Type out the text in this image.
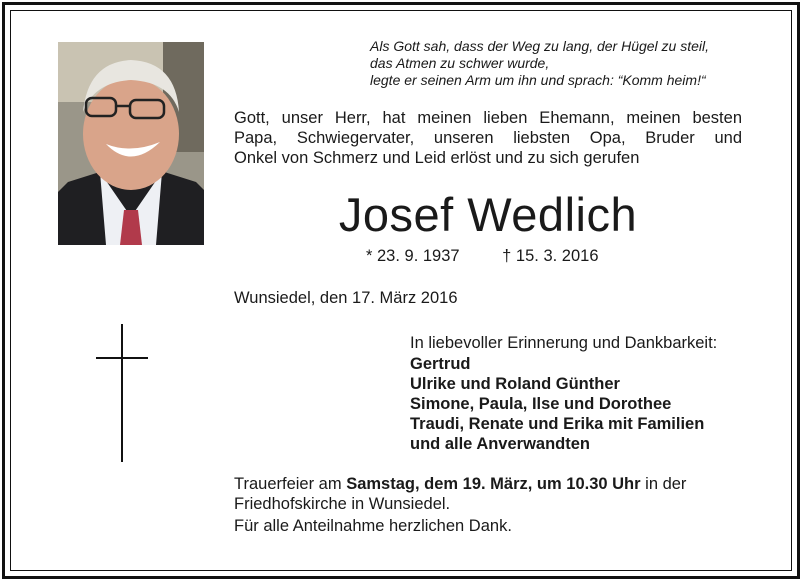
Als Gott sah, dass der Weg zu lang, der Hügel zu steil,
das Atmen zu schwer wurde,
legte er seinen Arm um ihn und sprach: “Komm heim!“
Gott, unser Herr, hat meinen lieben Ehemann, meinen besten
Papa, Schwiegervater, unseren liebsten Opa, Bruder und
Onkel von Schmerz und Leid erlöst und zu sich gerufen
Josef Wedlich
* 23. 9. 1937	† 15. 3. 2016
Wunsiedel, den 17. März 2016
In liebevoller Erinnerung und Dankbarkeit:
Gertrud
Ulrike und Roland Günther
Simone, Paula, Ilse und Dorothee
Traudi, Renate und Erika mit Familien
und alle Anverwandten
Trauerfeier am Samstag, dem 19. März, um 10.30 Uhr in der Friedhofskirche in Wunsiedel.
Für alle Anteilnahme herzlichen Dank.
